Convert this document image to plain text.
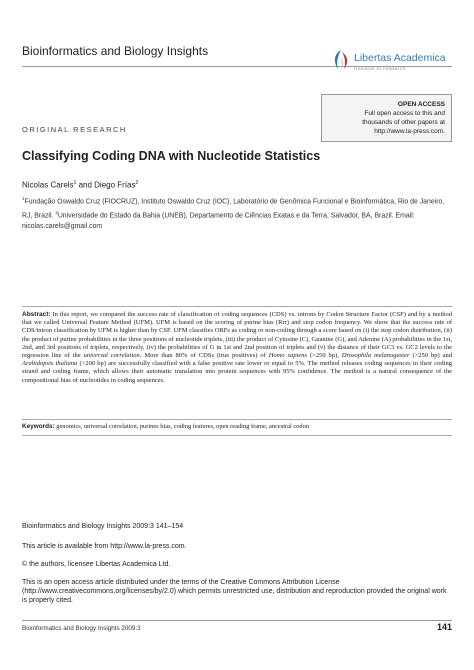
Bioinformatics and Biology Insights	Libertas Academica
freedom to research
OPEN ACCESS
Full open access to this and
thousands of other papers at
http://www.la-press.com.
ORIGINAL RESEARCH
Classifying Coding DNA with Nucleotide Statistics
Nicolas Carels$^1$ and Diego Frías$^2$
$^1$Fundação Oswaldo Cruz (FIOCRUZ), Instituto Oswaldo Cruz (IOC), Laboratório de Genômica Funcional e Bioinformática, Rio de Janeiro, RJ, Brazil. $^2$Universidade do Estado da Bahia (UNEB), Departamento de Ciências Exatas e da Terra, Salvador, BA, Brazil. Email: nicolas.carels@gmail.com

Abstract: In this report, we compared the success rate of classification of coding sequences (CDS) vs. introns by Codon Structure Factor (CSF) and by a method that we called Universal Feature Method (UFM). UFM is based on the scoring of purine bias (Rrr) and stop codon frequency. We show that the success rate of CDS/intron classification by UFM is higher than by CSF. UFM classifies ORFs as coding or non-coding through a score based on (i) the stop codon distribution, (ii) the product of purine probabilities in the three positions of nucleotide triplets, (iii) the product of Cytosine (C), Guanine (G), and Adenine (A) probabilities in the 1st, 2nd, and 3rd positions of triplets, respectively, (iv) the probabilities of G in 1st and 2nd position of triplets and (v) the distance of their GC3 vs. GC2 levels to the regression line of the universal correlation. More than 80% of CDSs (true positives) of Homo sapiens (>250 bp), Drosophila melanogaster (>250 bp) and Arabidopsis thaliana (>200 bp) are successfully classified with a false positive rate lower or equal to 5%. The method releases coding sequences in their coding strand and coding frame, which allows their automatic translation into protein sequences with 95% confidence. The method is a natural consequence of the compositional bias of nucleotides in coding sequences.

Keywords: genomics, universal correlation, purines bias, coding features, open reading frame, ancestral codon
Bioinformatics and Biology Insights 2009:3 141–154
This article is available from http://www.la-press.com.
© the authors, licensee Libertas Academica Ltd.
This is an open access article distributed under the terms of the Creative Commons Attribution License (http://www.creativecommons.org/licenses/by/2.0) which permits unrestricted use, distribution and reproduction provided the original work is properly cited.
Bioinformatics and Biology Insights 2009:3	141
